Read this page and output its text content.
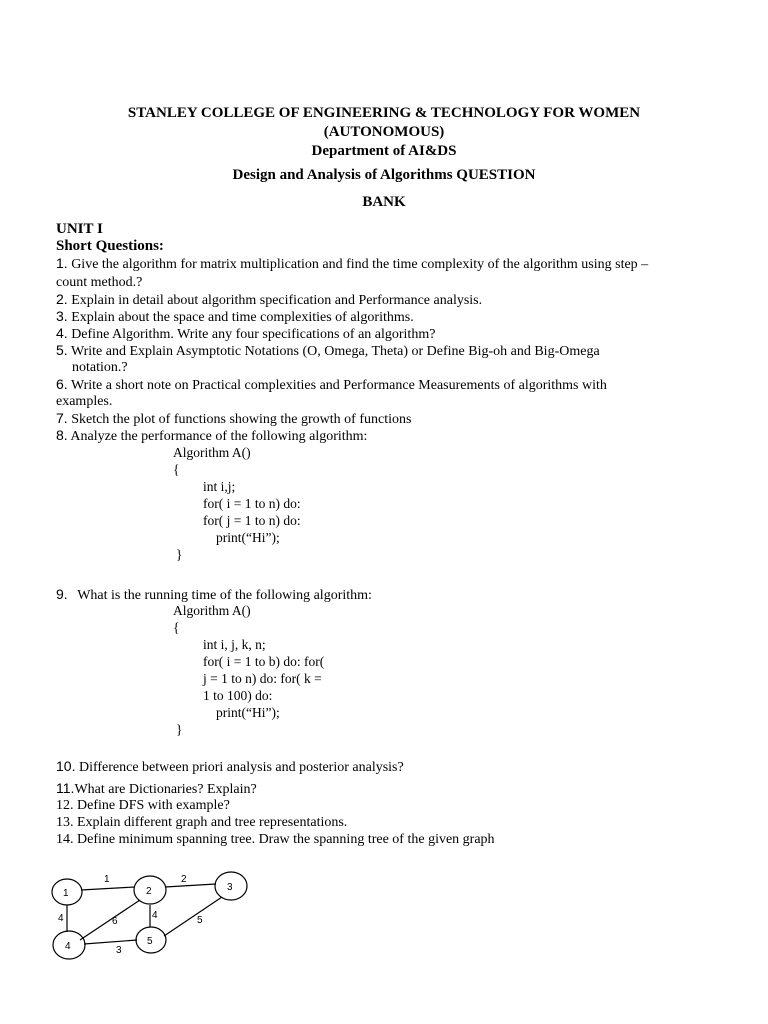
STANLEY COLLEGE OF ENGINEERING & TECHNOLOGY FOR WOMEN
(AUTONOMOUS)
Department of AI&DS
Design and Analysis of Algorithms QUESTION
BANK
UNIT I
Short Questions:
1. Give the algorithm for matrix multiplication and find the time complexity of the algorithm using step –
count method.?
2. Explain in detail about algorithm specification and Performance analysis.
3. Explain about the space and time complexities of algorithms.
4. Define Algorithm. Write any four specifications of an algorithm?
5. Write and Explain Asymptotic Notations (O, Omega, Theta) or Define Big-oh and Big-Omega
notation.?
6. Write a short note on Practical complexities and Performance Measurements of algorithms with
examples.
7. Sketch the plot of functions showing the growth of functions
8. Analyze the performance of the following algorithm:
Algorithm A()
{
int i,j;
for( i = 1 to n) do:
for( j = 1 to n) do:
print(“Hi”);
}
9. What is the running time of the following algorithm:
Algorithm A()
{
int i, j, k, n;
for( i = 1 to b) do: for(
j = 1 to n) do: for( k =
1 to 100) do:
print(“Hi”);
}
10. Difference between priori analysis and posterior analysis?
11.What are Dictionaries? Explain?
12. Define DFS with example?
13. Explain different graph and tree representations.
14. Define minimum spanning tree. Draw the spanning tree of the given graph
1	2	3
4	5
1	2
4	6
4	5
3
